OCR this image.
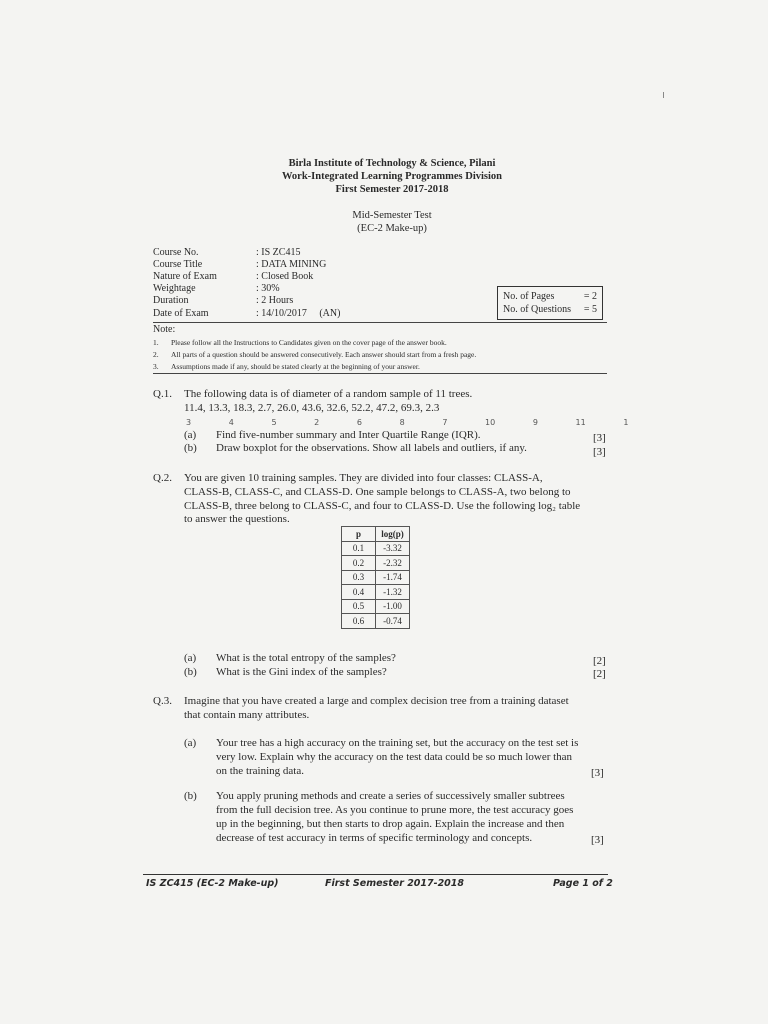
Birla Institute of Technology & Science, Pilani
Work-Integrated Learning Programmes Division
First Semester 2017-2018
Mid-Semester Test
(EC-2 Make-up)
Course No.	: IS ZC415
Course Title	: DATA MINING
Nature of Exam	: Closed Book
Weightage	: 30%
Duration	: 2 Hours
Date of Exam	: 14/10/2017     (AN)
No. of Pages	= 2
No. of Questions = 5
Note:
1. Please follow all the Instructions to Candidates given on the cover page of the answer book.
2. All parts of a question should be answered consecutively. Each answer should start from a fresh page.
3. Assumptions made if any, should be stated clearly at the beginning of your answer.
Q.1. The following data is of diameter of a random sample of 11 trees.
11.4, 13.3, 18.3, 2.7, 26.0, 43.6, 32.6, 52.2, 47.2, 69.3, 2.3
3   4   5   2   6   8   7   10   9   11   1
(a) Find five-number summary and Inter Quartile Range (IQR).	[3]
(b) Draw boxplot for the observations. Show all labels and outliers, if any.	[3]
Q.2. You are given 10 training samples. They are divided into four classes: CLASS-A,
CLASS-B, CLASS-C, and CLASS-D. One sample belongs to CLASS-A, two belong to
CLASS-B, three belong to CLASS-C, and four to CLASS-D. Use the following log₂ table
to answer the questions.
p	log(p)
0.1	-3.32
0.2	-2.32
0.3	-1.74
0.4	-1.32
0.5	-1.00
0.6	-0.74
(a) What is the total entropy of the samples?	[2]
(b) What is the Gini index of the samples?	[2]
Q.3. Imagine that you have created a large and complex decision tree from a training dataset
that contain many attributes.
(a) Your tree has a high accuracy on the training set, but the accuracy on the test set is
very low. Explain why the accuracy on the test data could be so much lower than
on the training data.	[3]
(b) You apply pruning methods and create a series of successively smaller subtrees
from the full decision tree. As you continue to prune more, the test accuracy goes
up in the beginning, but then starts to drop again. Explain the increase and then
decrease of test accuracy in terms of specific terminology and concepts.	[3]
IS ZC415 (EC-2 Make-up)	First Semester 2017-2018	Page 1 of 2
